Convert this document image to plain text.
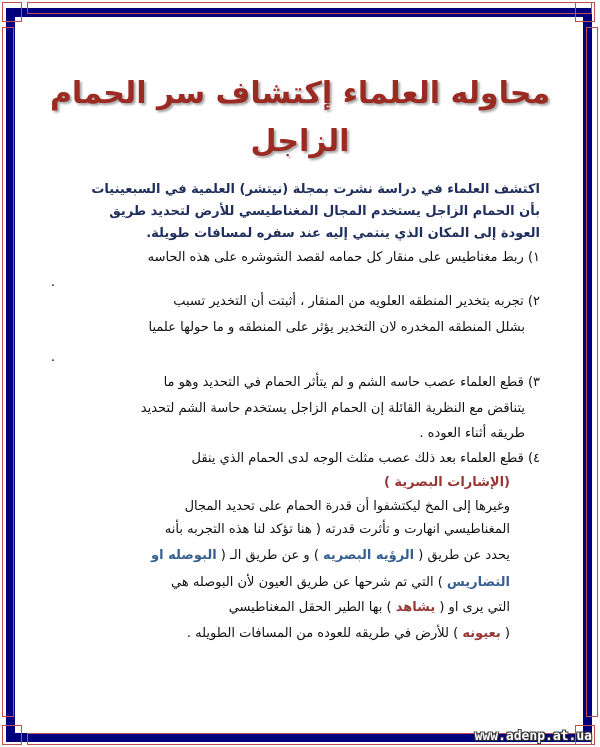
محاوله العلماء إكتشاف سر الحمام الزاجل
اكتشف العلماء في دراسة نشرت بمجلة (نيتشر) العلمية في السبعينيات
بأن الحمام الزاجل يستخدم المجال المغناطيسي للأرض لتحديد طريق
العودة إلى المكان الذي ينتمي إليه عند سفره لمسافات طويلة.
١) ربط مغناطيس على منقار كل حمامه لقصد الشوشره على هذه الحاسه
.
٢) تجربه بتخدير المنطقه العلويه من المنقار ، أثبتت أن التخدير تسبب
بشلل المنطقه المخدره لان التخدير يؤثر على المنطقه و ما حولها علميا
.
٣) قطع العلماء عصب حاسه الشم و لم يتأثر الحمام في التحديد وهو ما
يتناقض مع النظرية القائلة إن الحمام الزاجل يستخدم حاسة الشم لتحديد
طريقه أثناء العوده .
٤) قطع العلماء بعد ذلك عصب مثلث الوجه لدى الحمام الذي ينقل
(الإشارات البصرية )
وغيرها إلى المخ ليكتشفوا أن قدرة الحمام على تحديد المجال
المغناطيسي انهارت و تأثرت قدرته ( هنا تؤكد لنا هذه التجربه بأنه
يحدد عن طريق ( الرؤيه البصريه ) و عن طريق الـ ( البوصله او
التضاريس ) التي تم شرحها عن طريق العيون لأن البوصله هي
التي يرى او ( يشاهد ) بها الطير الحقل المغناطيسي
( بعيونه ) للأرض في طريقه للعوده من المسافات الطويله .
www.adenp.at.ua
